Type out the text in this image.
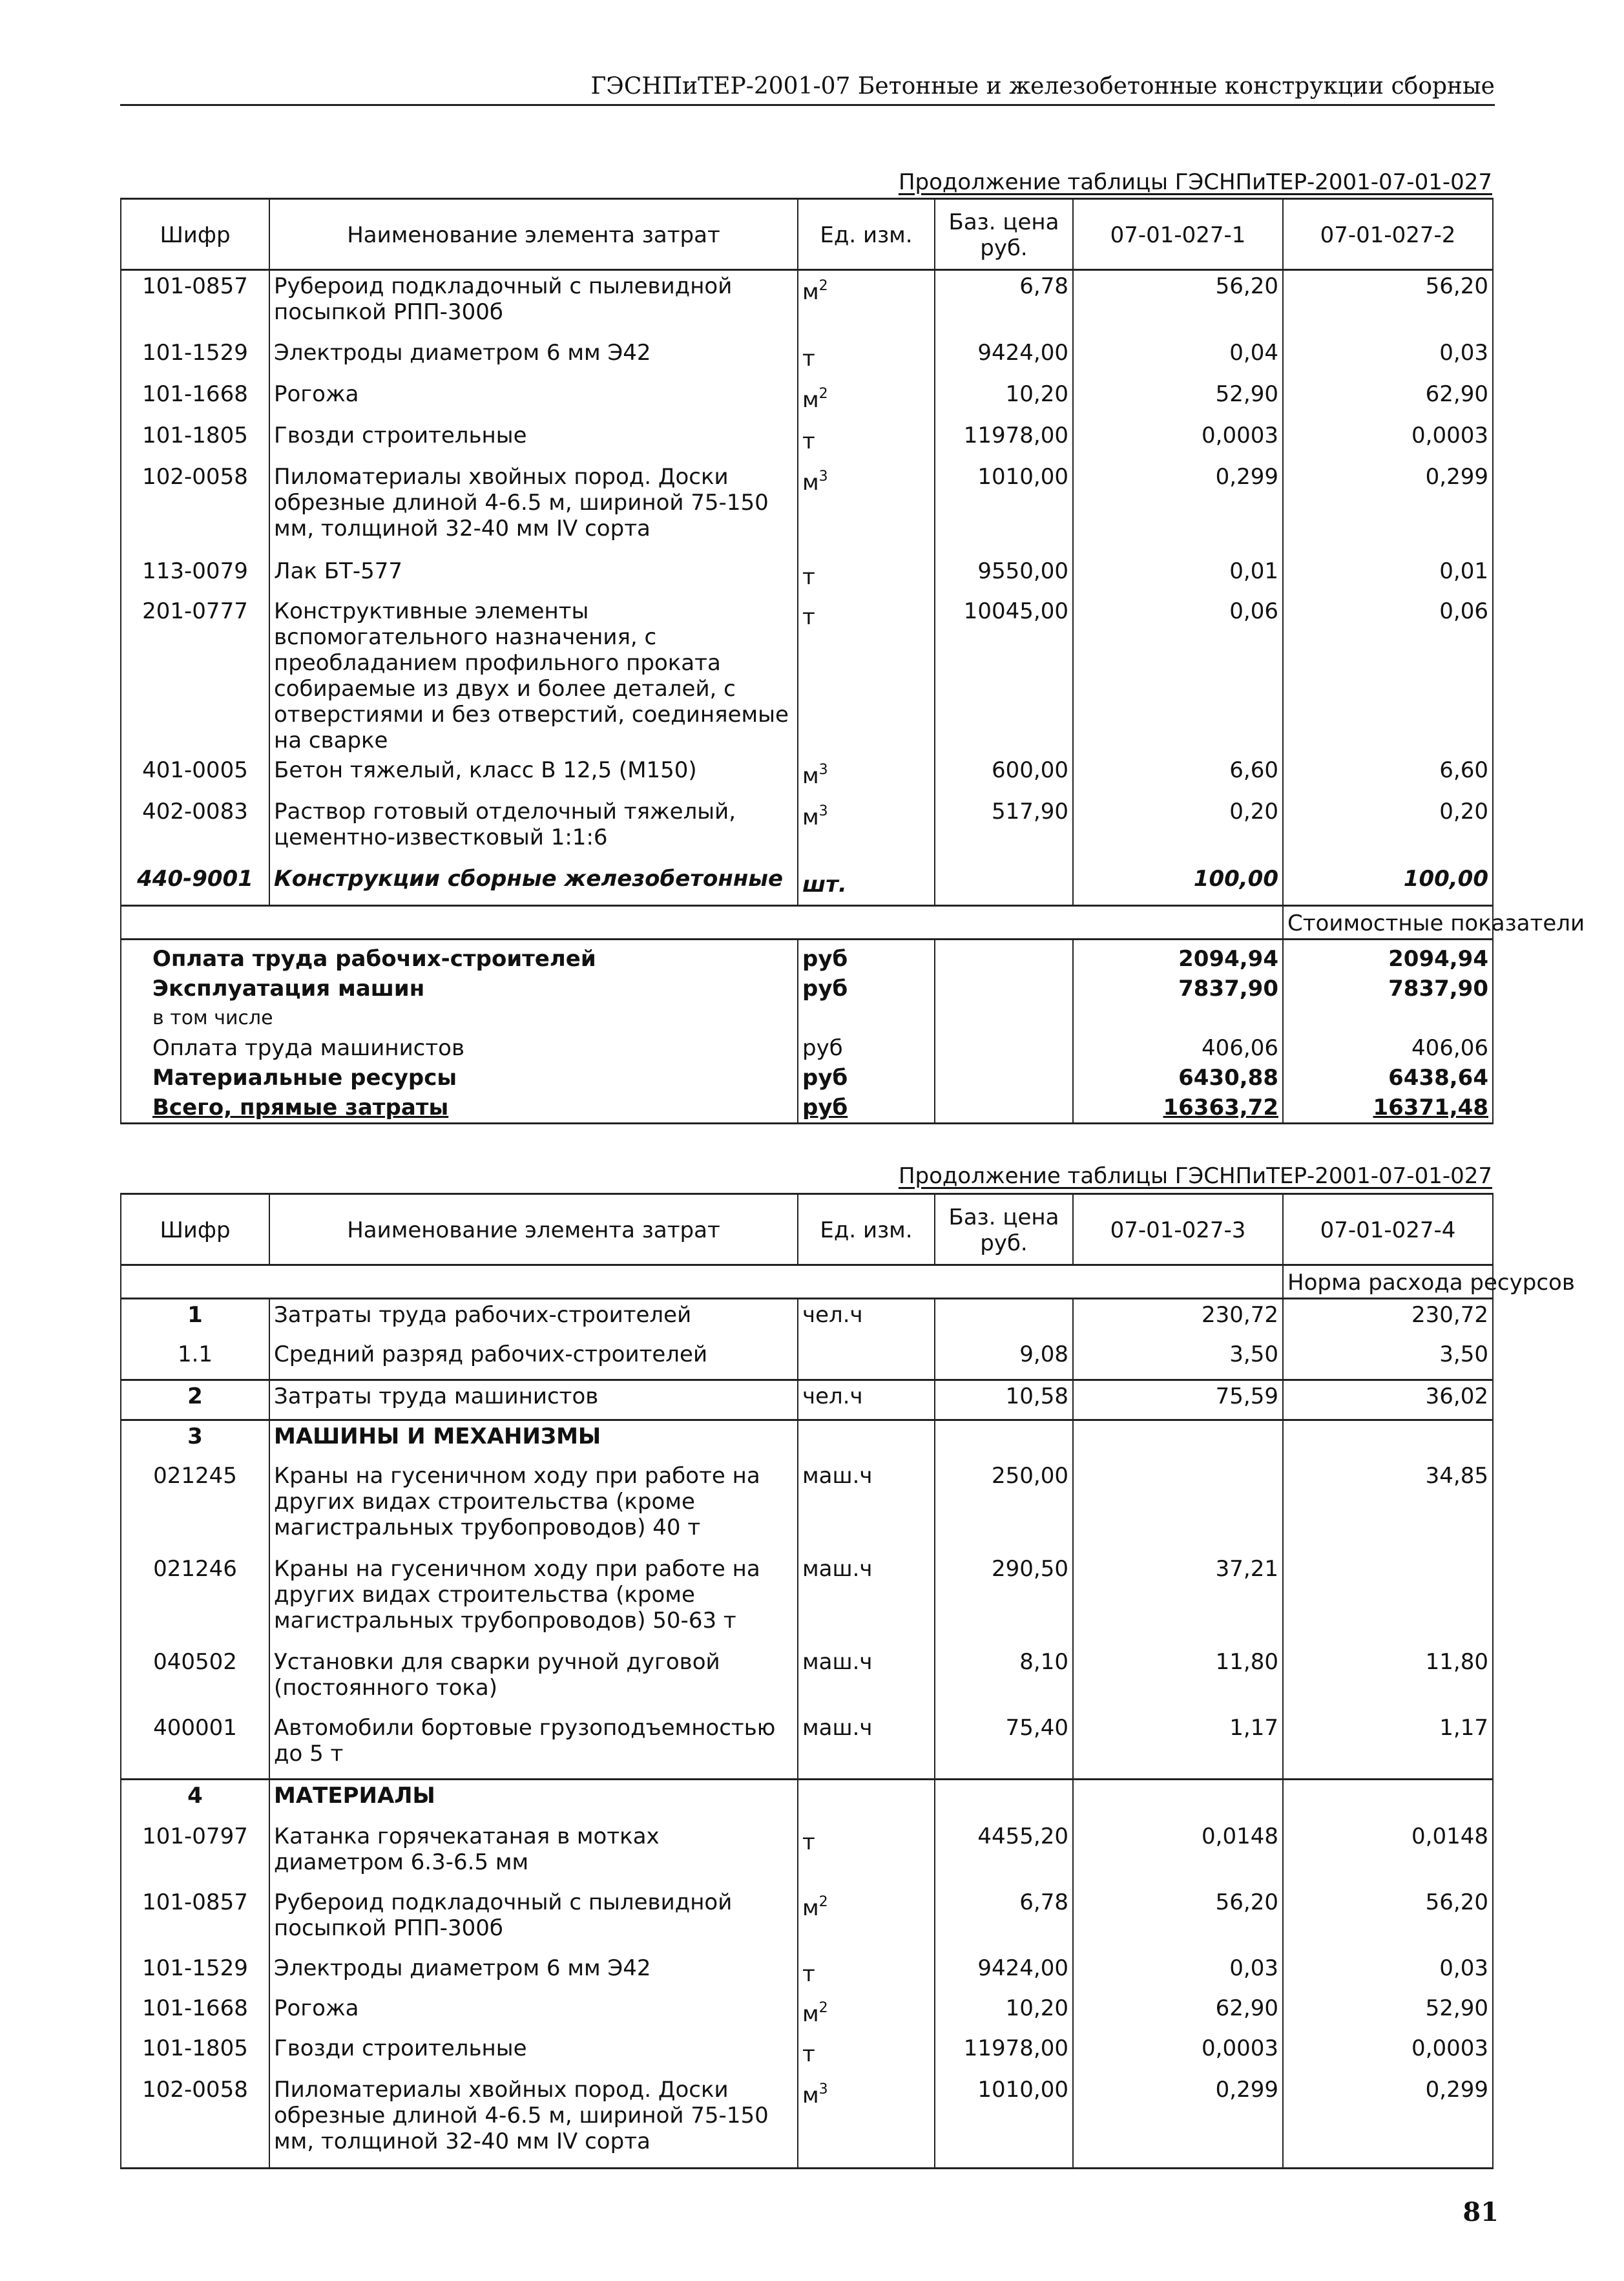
ГЭСНПиТЕР-2001-07 Бетонные и железобетонные конструкции сборные
Продолжение таблицы ГЭСНПиТЕР-2001-07-01-027
Шифр	Наименование элемента затрат	Ед. изм.	Баз. цена руб.	07-01-027-1	07-01-027-2
101-0857	Рубероид подкладочный с пылевидной посыпкой РПП-300б	$м^2$	6,78	56,20	56,20
101-1529	Электроды диаметром 6 мм Э42	т	9424,00	0,04	0,03
101-1668	Рогожа	$м^2$	10,20	52,90	62,90
101-1805	Гвозди строительные	т	11978,00	0,0003	0,0003
102-0058	Пиломатериалы хвойных пород. Доски обрезные длиной 4-6.5 м, шириной 75-150 мм, толщиной 32-40 мм IV сорта	$м^3$	1010,00	0,299	0,299
113-0079	Лак БТ-577	т	9550,00	0,01	0,01
201-0777	Конструктивные элементы вспомогательного назначения, с преобладанием профильного проката собираемые из двух и более деталей, с отверстиями и без отверстий, соединяемые на сварке	т	10045,00	0,06	0,06
401-0005	Бетон тяжелый, класс В 12,5 (М150)	$м^3$	600,00	6,60	6,60
402-0083	Раствор готовый отделочный тяжелый, цементно-известковый 1:1:6	$м^3$	517,90	0,20	0,20
440-9001	Конструкции сборные железобетонные	шт.		100,00	100,00
					Стоимостные показатели
Оплата труда рабочих-строителей		руб		2094,94	2094,94
Эксплуатация машин		руб		7837,90	7837,90
в том числе					
Оплата труда машинистов		руб		406,06	406,06
Материальные ресурсы		руб		6430,88	6438,64
Всего, прямые затраты		руб		16363,72	16371,48
Продолжение таблицы ГЭСНПиТЕР-2001-07-01-027
Шифр	Наименование элемента затрат	Ед. изм.	Баз. цена руб.	07-01-027-3	07-01-027-4
					Норма расхода ресурсов
1	Затраты труда рабочих-строителей	чел.ч		230,72	230,72
1.1	Средний разряд рабочих-строителей		9,08	3,50	3,50
2	Затраты труда машинистов	чел.ч	10,58	75,59	36,02
3	МАШИНЫ И МЕХАНИЗМЫ				
021245	Краны на гусеничном ходу при работе на других видах строительства (кроме магистральных трубопроводов) 40 т	маш.ч	250,00		34,85
021246	Краны на гусеничном ходу при работе на других видах строительства (кроме магистральных трубопроводов) 50-63 т	маш.ч	290,50	37,21	
040502	Установки для сварки ручной дуговой (постоянного тока)	маш.ч	8,10	11,80	11,80
400001	Автомобили бортовые грузоподъемностью до 5 т	маш.ч	75,40	1,17	1,17
4	МАТЕРИАЛЫ				
101-0797	Катанка горячекатаная в мотках диаметром 6.3-6.5 мм	т	4455,20	0,0148	0,0148
101-0857	Рубероид подкладочный с пылевидной посыпкой РПП-300б	$м^2$	6,78	56,20	56,20
101-1529	Электроды диаметром 6 мм Э42	т	9424,00	0,03	0,03
101-1668	Рогожа	$м^2$	10,20	62,90	52,90
101-1805	Гвозди строительные	т	11978,00	0,0003	0,0003
102-0058	Пиломатериалы хвойных пород. Доски обрезные длиной 4-6.5 м, шириной 75-150 мм, толщиной 32-40 мм IV сорта	$м^3$	1010,00	0,299	0,299
81
